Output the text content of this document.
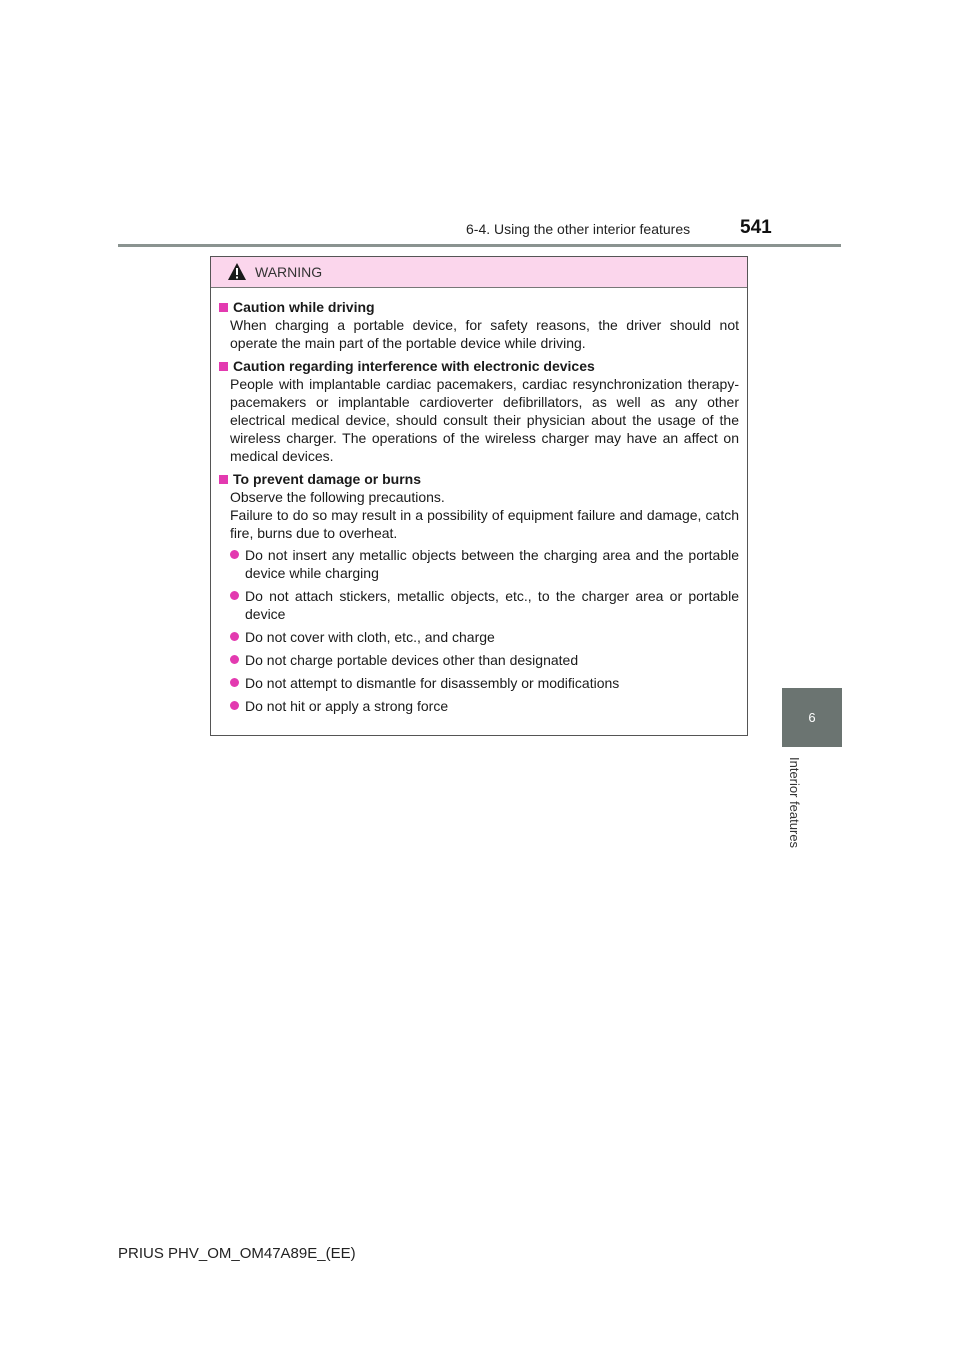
6-4. Using the other interior features	541
6
Interior features
WARNING
Caution while driving
When charging a portable device, for safety reasons, the driver should not operate the main part of the portable device while driving.
Caution regarding interference with electronic devices
People with implantable cardiac pacemakers, cardiac resynchronization therapy-pacemakers or implantable cardioverter defibrillators, as well as any other electrical medical device, should consult their physician about the usage of the wireless charger. The operations of the wireless charger may have an affect on medical devices.
To prevent damage or burns
Observe the following precautions.
Failure to do so may result in a possibility of equipment failure and damage, catch fire, burns due to overheat.
Do not insert any metallic objects between the charging area and the portable device while charging
Do not attach stickers, metallic objects, etc., to the charger area or portable device
Do not cover with cloth, etc., and charge
Do not charge portable devices other than designated
Do not attempt to dismantle for disassembly or modifications
Do not hit or apply a strong force
PRIUS PHV_OM_OM47A89E_(EE)
